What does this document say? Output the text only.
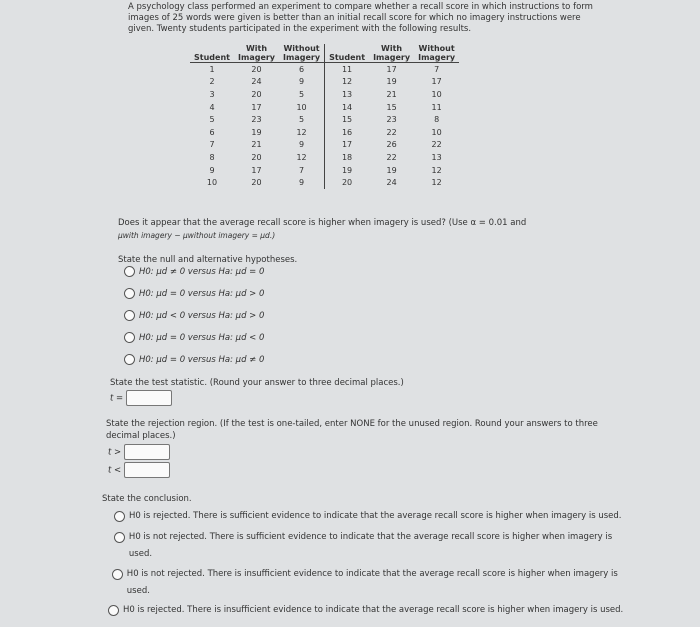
A psychology class performed an experiment to compare whether a recall score in which instructions to form images of 25 words were given is better than an initial recall score for which no imagery instructions were given. Twenty students participated in the experiment with the following results.
	With	Without		With	Without
Student	Imagery	Imagery	Student	Imagery	Imagery
1	20	6	11	17	7
2	24	9	12	19	17
3	20	5	13	21	10
4	17	10	14	15	11
5	23	5	15	23	8
6	19	12	16	22	10
7	21	9	17	26	22
8	20	12	18	22	13
9	17	7	19	19	12
10	20	9	20	24	12
Does it appear that the average recall score is higher when imagery is used? (Use α = 0.01 and
μwith imagery − μwithout imagery = μd.)
State the null and alternative hypotheses.
H0: μd ≠ 0 versus Ha: μd = 0
H0: μd = 0 versus Ha: μd > 0
H0: μd < 0 versus Ha: μd > 0
H0: μd = 0 versus Ha: μd < 0
H0: μd = 0 versus Ha: μd ≠ 0
State the test statistic. (Round your answer to three decimal places.)
t =
State the rejection region. (If the test is one-tailed, enter NONE for the unused region. Round your answers to three decimal places.)
t >
t <
State the conclusion.
H0 is rejected. There is sufficient evidence to indicate that the average recall score is higher when imagery is used.
H0 is not rejected. There is sufficient evidence to indicate that the average recall score is higher when imagery is used.
H0 is not rejected. There is insufficient evidence to indicate that the average recall score is higher when imagery is used.
H0 is rejected. There is insufficient evidence to indicate that the average recall score is higher when imagery is used.
